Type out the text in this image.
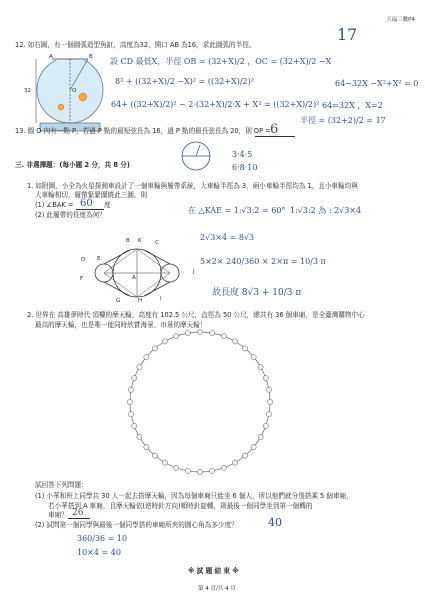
五福三數P4
12. 如右圖，有一個圓弧造型魚缸，高度為32，開口 AB 為16，求此圓弧的半徑。
17
設 CD 最低X，半徑 OB = (32+X)/2 ，OC = (32+X)/2 −X
8² + ((32+X)/2 −X)² = ((32+X)/2)²
64+ ((32+X)/2)² − 2·(32+X)/2·X + X² = ((32+X)/2)²
64−32X −X²+X² = 0
64=32X ，X=2
半徑 = (32+2)/2 = 17
A	B
O
32
13. 圓 O 內有一點 P，若過 P 點的最短弦長為 16，過 P 點的最長弦長為 20，則 OP = 6
3·4·5
6·8·10
三. 非選擇題：(每小題 2 分，共 8 分)
1. 如附圖，小全為火星探測車設計了一個車輪與履帶系統，大車輪半徑為 3，兩小車輪半徑均為 1，且小車輪均與
大車輪相切，履帶緊緊圍繞此三圓，則
(1) ∠BAK = 60 度
(2) 此履帶的長度為何？	在 △KAE = 1:√3:2 = 60° 1:√3:2 為 : 2√3×4
2√3×4 = 8√3
5×2× 240/360 × 2×π = 10/3 π
故長度 8√3 + 10/3 π
B K C
D E
F	A
J
G	H	I
2. 世界在 高雄夢時代 頂樓的摩天輪，高度有 102.5 公尺，直徑為 50 公尺，總共有 36 個車廂，是全臺灣購物中心
最高的摩天輪，也是唯一能同時欣賞海景、市景的摩天輪！
試回答下列問題：
(1) 小華和班上同學共 30 人一起去搭摩天輪，因為每個車廂只能坐 6 個人，所以他們就分別搭乘 5 個車廂，
若小華搭到 A 車廂，且摩天輪依(逆時針方向)順時針旋轉，則最後一個同學坐到第一個轉的
車廂？ 26
(2) 試問第一個同學與最後一個同學搭的車廂所夾的圓心角為多少度？	40
360/36 = 10
10×4 = 40
※ 試 題 結 束 ※
第 4 頁/共 4 頁
